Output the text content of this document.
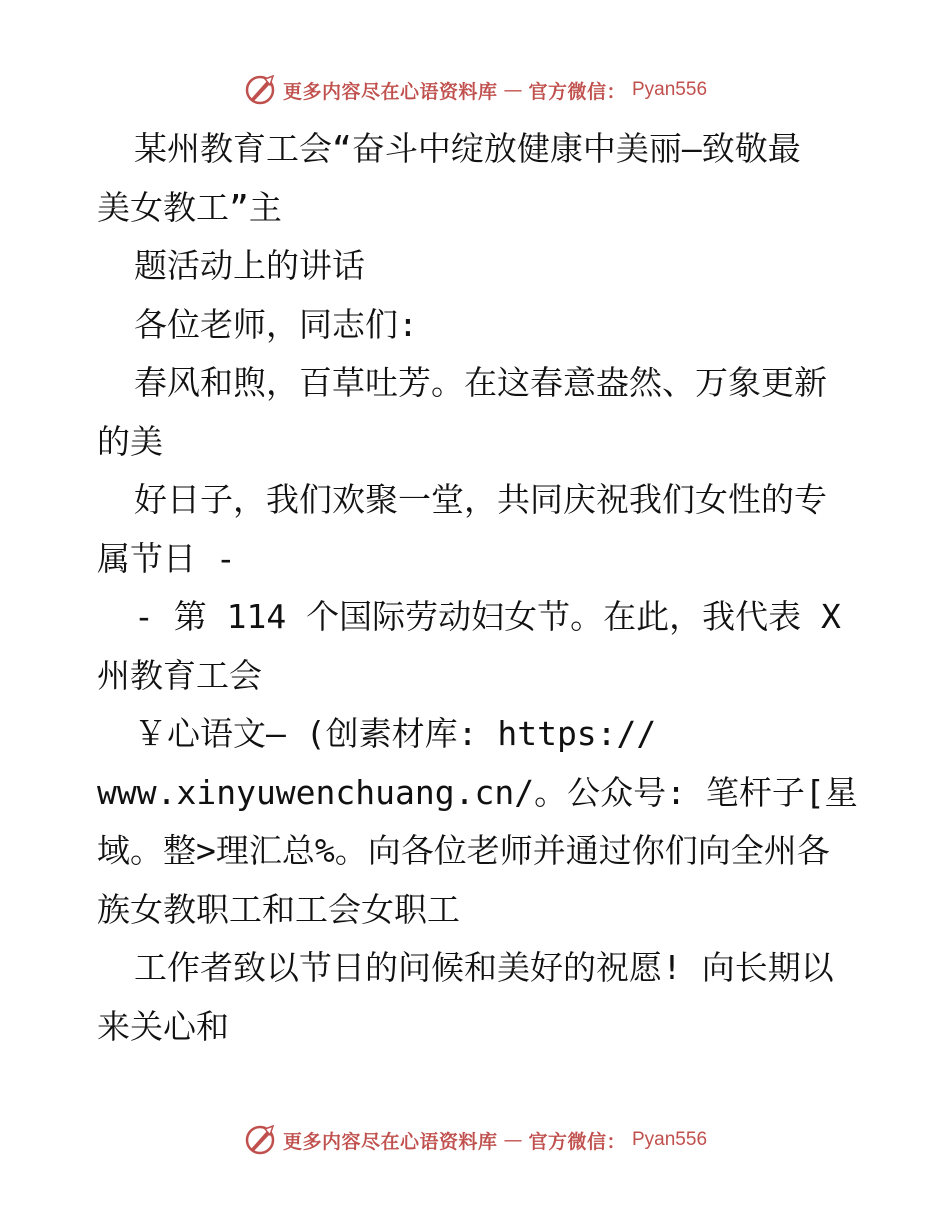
更多内容尽在心语资料库 — 官方微信： Pyan556
某州教育工会“奋斗中绽放健康中美丽—致敬最
美女教工”主
题活动上的讲话
各位老师，同志们:
春风和煦，百草吐芳。在这春意盎然、万象更新
的美
好日子，我们欢聚一堂，共同庆祝我们女性的专
属节日 -
- 第 114 个国际劳动妇女节。在此，我代表 X
州教育工会
￥心语文— (创素材库: https://
www.xinyuwenchuang.cn/。公众号: 笔杆子[星
域。整>理汇总%。向各位老师并通过你们向全州各
族女教职工和工会女职工
工作者致以节日的问候和美好的祝愿! 向长期以
来关心和
更多内容尽在心语资料库 — 官方微信： Pyan556
